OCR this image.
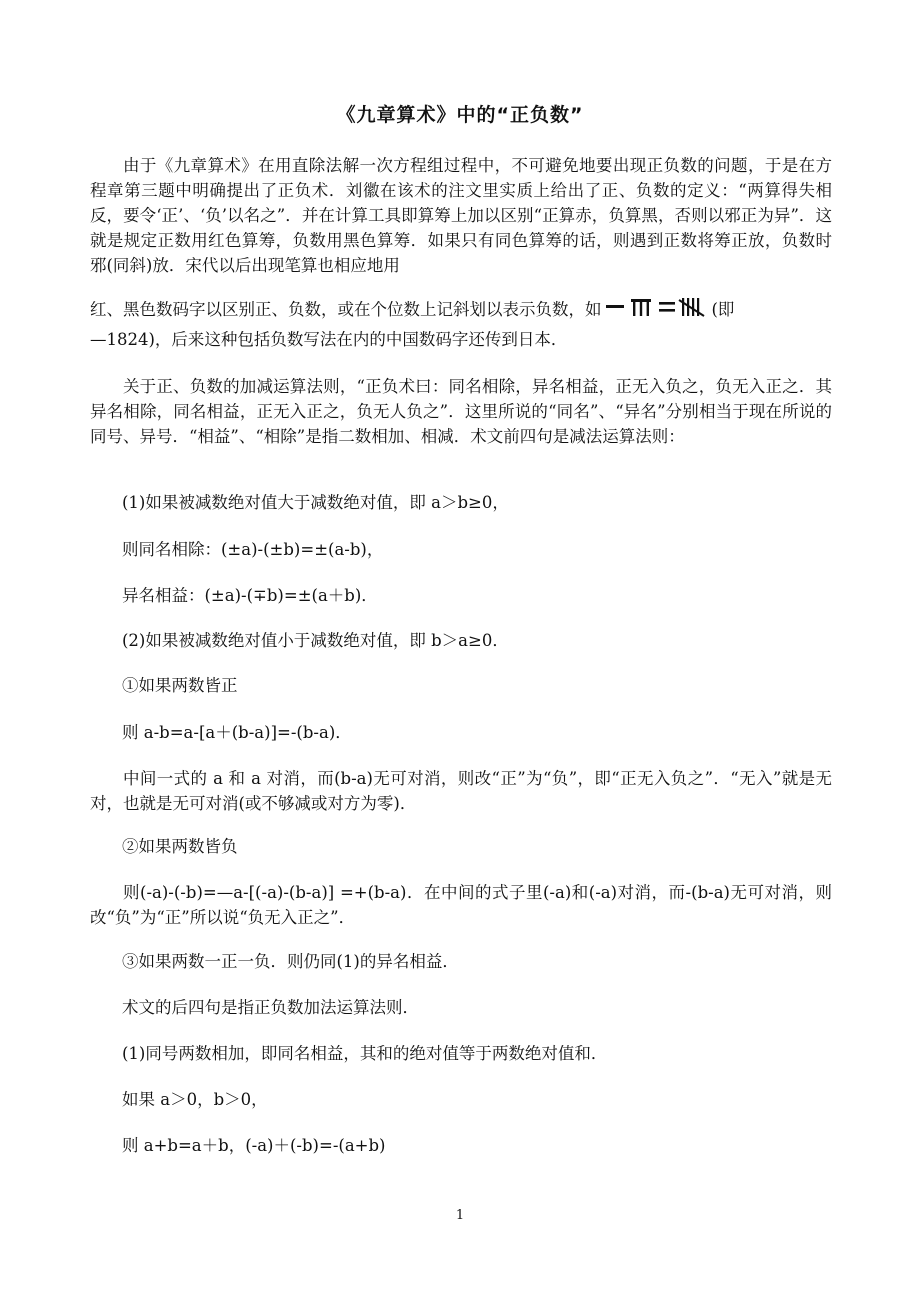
《九章算术》中的“正负数”
由于《九章算术》在用直除法解一次方程组过程中，不可避免地要出现正负数的问题，于是在方程章第三题中明确提出了正负术．刘徽在该术的注文里实质上给出了正、负数的定义：“两算得失相反，要令‘正’、‘负’以名之”．并在计算工具即算筹上加以区别“正算赤，负算黑，否则以邪正为异”．这就是规定正数用红色算筹，负数用黑色算筹．如果只有同色算筹的话，则遇到正数将筹正放，负数时邪(同斜)放．宋代以后出现笔算也相应地用
红、黑色数码字以区别正、负数，或在个位数上记斜划以表示负数，如	(即
—1824)，后来这种包括负数写法在内的中国数码字还传到日本．
关于正、负数的加减运算法则，“正负术曰：同名相除，异名相益，正无入负之，负无入正之．其异名相除，同名相益，正无入正之，负无人负之”．这里所说的“同名”、“异名”分别相当于现在所说的同号、异号．“相益”、“相除”是指二数相加、相减．术文前四句是减法运算法则：
(1)如果被减数绝对值大于减数绝对值，即 a＞b≥0，
则同名相除：(±a)-(±b)=±(a-b)，
异名相益：(±a)-(∓b)=±(a＋b)．
(2)如果被减数绝对值小于减数绝对值，即 b＞a≥0．
①如果两数皆正
则 a-b=a-[a＋(b-a)]=-(b-a)．
中间一式的 a 和 a 对消，而(b-a)无可对消，则改“正”为“负”，即“正无入负之”．“无入”就是无对，也就是无可对消(或不够减或对方为零)．
②如果两数皆负
则(-a)-(-b)=—a-[(-a)-(b-a)] =+(b-a)．在中间的式子里(-a)和(-a)对消，而-(b-a)无可对消，则改“负”为“正”所以说“负无入正之”．
③如果两数一正一负．则仍同(1)的异名相益．
术文的后四句是指正负数加法运算法则．
(1)同号两数相加，即同名相益，其和的绝对值等于两数绝对值和．
如果 a＞0，b＞0，
则 a+b=a＋b，(-a)＋(-b)=-(a+b)
1
